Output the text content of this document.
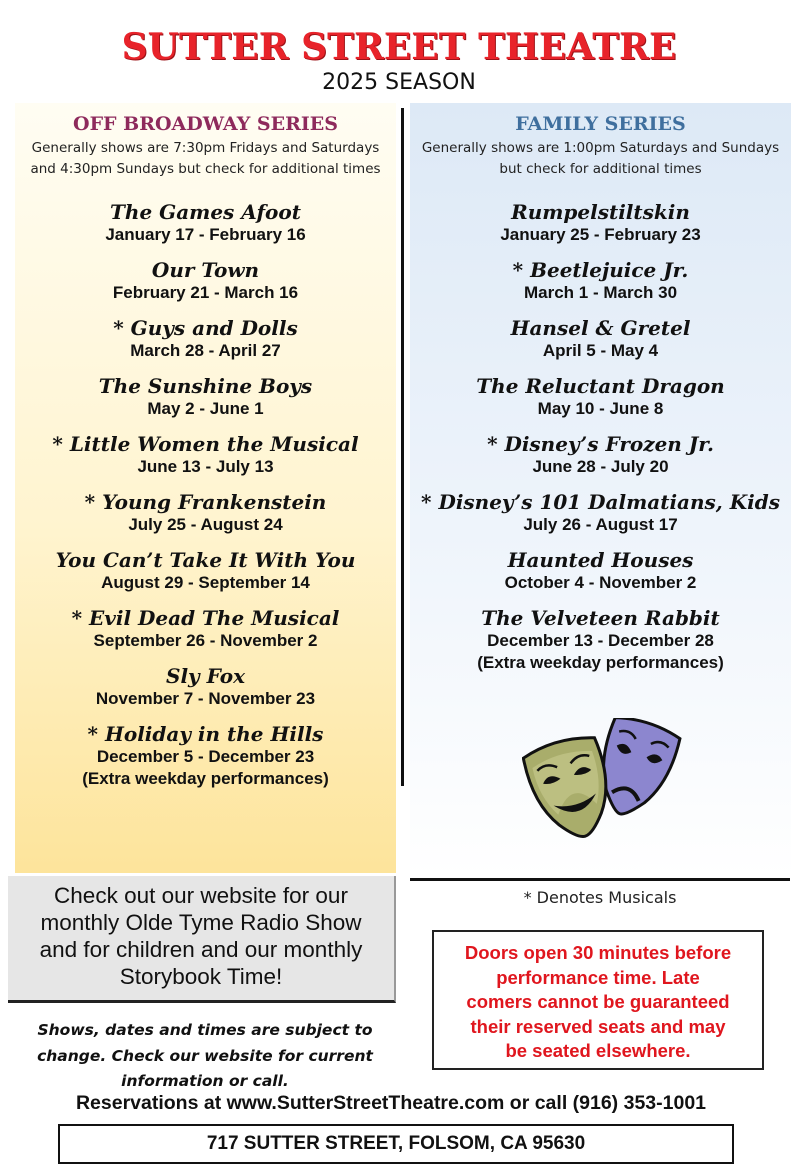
SUTTER STREET THEATRE
2025 SEASON
OFF BROADWAY SERIES
Generally shows are 7:30pm Fridays and Saturdays
and 4:30pm Sundays but check for additional times
The Games Afoot
January 17 - February 16
Our Town
February 21 - March 16
* Guys and Dolls
March 28 - April 27
The Sunshine Boys
May 2 - June 1
* Little Women the Musical
June 13 - July 13
* Young Frankenstein
July 25 - August 24
You Can’t Take It With You
August 29 - September 14
* Evil Dead The Musical
September 26 - November 2
Sly Fox
November 7 - November 23
* Holiday in the Hills
December 5 - December 23
(Extra weekday performances)
FAMILY SERIES
Generally shows are 1:00pm Saturdays and Sundays
but check for additional times
Rumpelstiltskin
January 25 - February 23
* Beetlejuice Jr.
March 1 - March 30
Hansel & Gretel
April 5 - May 4
The Reluctant Dragon
May 10 - June 8
* Disney’s Frozen Jr.
June 28 - July 20
* Disney’s 101 Dalmatians, Kids
July 26 - August 17
Haunted Houses
October 4 - November 2
The Velveteen Rabbit
December 13 - December 28
(Extra weekday performances)
Check out our website for our
monthly Olde Tyme Radio Show
and for children and our monthly
Storybook Time!
* Denotes Musicals
Doors open 30 minutes before
performance time. Late
comers cannot be guaranteed
their reserved seats and may
be seated elsewhere.
Shows, dates and times are subject to
change. Check our website for current
information or call.
Reservations at www.SutterStreetTheatre.com or call (916) 353-1001
717 SUTTER STREET, FOLSOM, CA 95630
